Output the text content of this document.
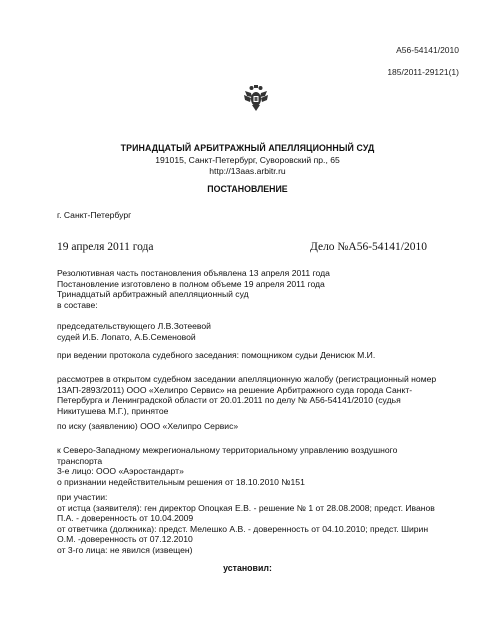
А56-54141/2010
185/2011-29121(1)
ТРИНАДЦАТЫЙ АРБИТРАЖНЫЙ АПЕЛЛЯЦИОННЫЙ СУД
191015, Санкт-Петербург, Суворовский пр., 65
http://13aas.arbitr.ru
ПОСТАНОВЛЕНИЕ
г. Санкт-Петербург
19 апреля 2011 года	Дело №А56-54141/2010
Резолютивная часть постановления объявлена 13 апреля 2011 года
Постановление изготовлено в полном объеме 19 апреля 2011 года
Тринадцатый арбитражный апелляционный суд
в составе:
председательствующего Л.В.Зотеевой
судей И.Б. Лопато, А.Б.Семеновой
при ведении протокола судебного заседания: помощником судьи Денисюк М.И.
рассмотрев в открытом судебном заседании апелляционную жалобу (регистрационный номер
13АП-2893/2011) ООО «Хелипро Сервис» на решение Арбитражного суда города Санкт-
Петербурга и Ленинградской области от 20.01.2011 по делу № А56-54141/2010 (судья
Никитушева М.Г.), принятое
по иску (заявлению) ООО «Хелипро Сервис»
к Северо-Западному межрегиональному территориальному управлению воздушного
транспорта
3-е лицо: ООО «Аэростандарт»
о признании недействительным решения от 18.10.2010 №151
при участии:
от истца (заявителя): ген директор Опоцкая Е.В. - решение № 1 от 28.08.2008; предст. Иванов
П.А. - доверенность от 10.04.2009
от ответчика (должника): предст. Мелешко А.В. - доверенность от 04.10.2010; предст. Ширин
О.М. -доверенность от 07.12.2010
от 3-го лица: не явился (извещен)
установил:
